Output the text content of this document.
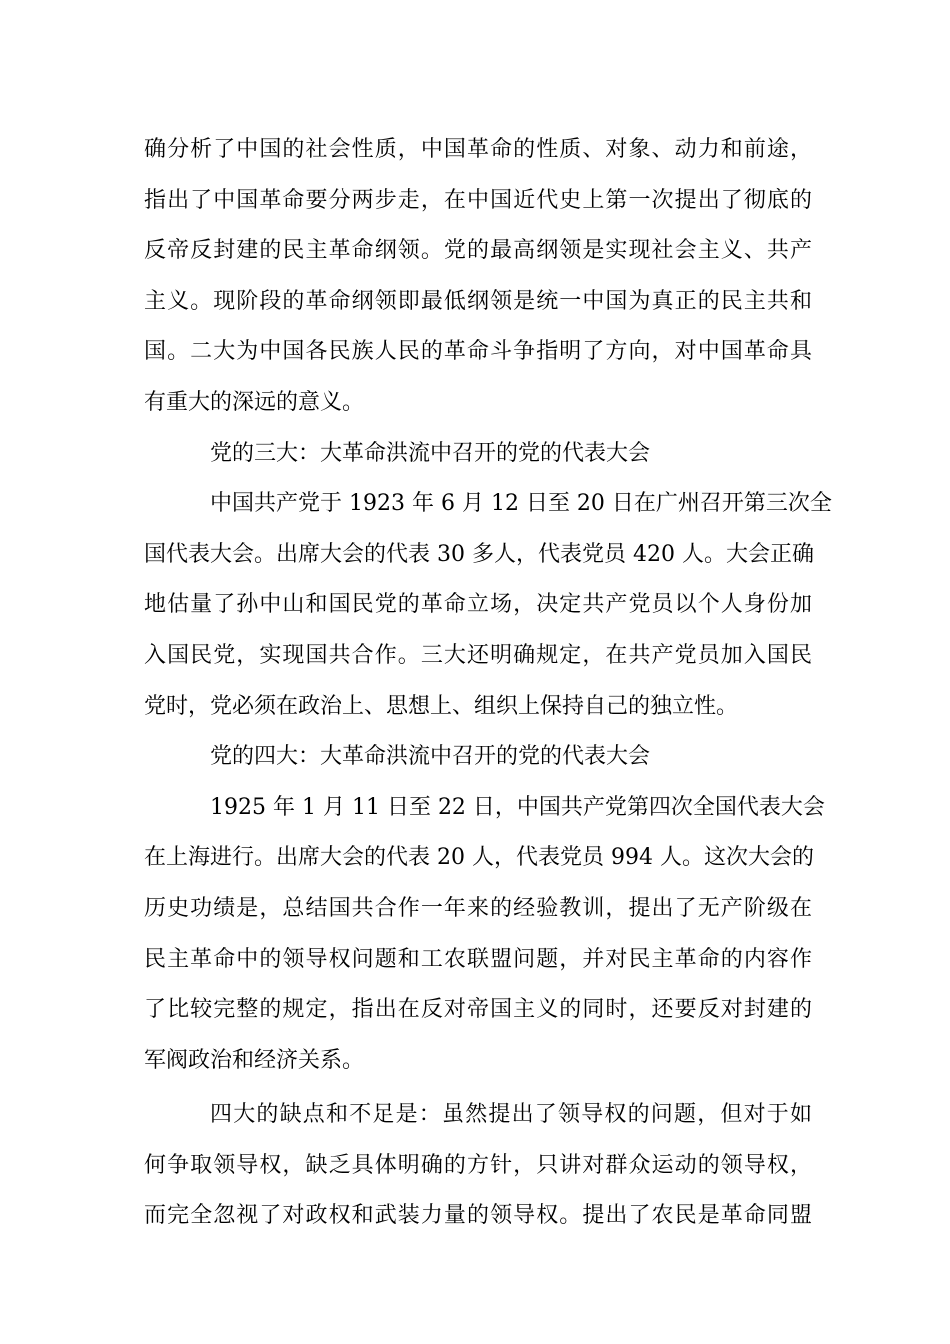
确分析了中国的社会性质，中国革命的性质、对象、动力和前途，
指出了中国革命要分两步走，在中国近代史上第一次提出了彻底的
反帝反封建的民主革命纲领。党的最高纲领是实现社会主义、共产
主义。现阶段的革命纲领即最低纲领是统一中国为真正的民主共和
国。二大为中国各民族人民的革命斗争指明了方向，对中国革命具
有重大的深远的意义。
党的三大：大革命洪流中召开的党的代表大会
中国共产党于 1923 年 6 月 12 日至 20 日在广州召开第三次全
国代表大会。出席大会的代表 30 多人，代表党员 420 人。大会正确
地估量了孙中山和国民党的革命立场，决定共产党员以个人身份加
入国民党，实现国共合作。三大还明确规定，在共产党员加入国民
党时，党必须在政治上、思想上、组织上保持自己的独立性。
党的四大：大革命洪流中召开的党的代表大会
1925 年 1 月 11 日至 22 日，中国共产党第四次全国代表大会
在上海进行。出席大会的代表 20 人，代表党员 994 人。这次大会的
历史功绩是，总结国共合作一年来的经验教训，提出了无产阶级在
民主革命中的领导权问题和工农联盟问题，并对民主革命的内容作
了比较完整的规定，指出在反对帝国主义的同时，还要反对封建的
军阀政治和经济关系。
四大的缺点和不足是：虽然提出了领导权的问题，但对于如
何争取领导权，缺乏具体明确的方针，只讲对群众运动的领导权，
而完全忽视了对政权和武装力量的领导权。提出了农民是革命同盟
